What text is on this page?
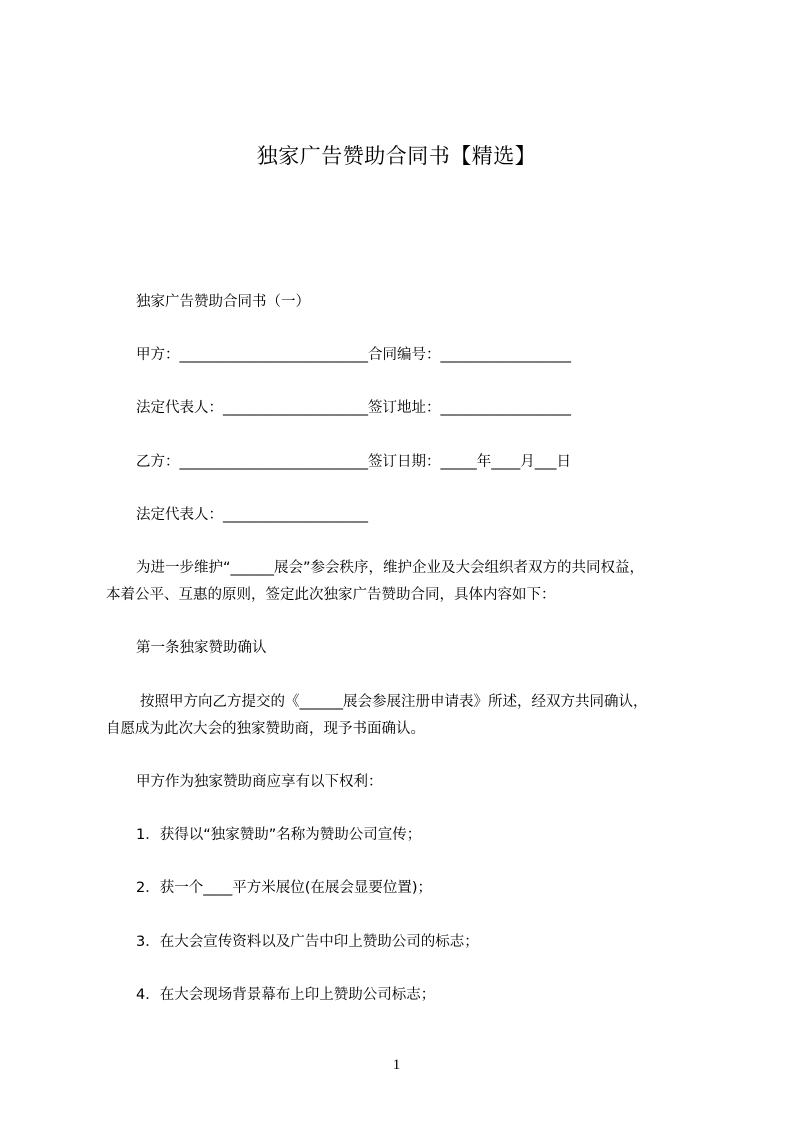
独家广告赞助合同书【精选】
独家广告赞助合同书（一）
甲方：__________________________合同编号：__________________
法定代表人：____________________签订地址：__________________
乙方：__________________________签订日期：_____年____月___日
法定代表人：____________________
为进一步维护“______展会”参会秩序，维护企业及大会组织者双方的共同权益，
本着公平、互惠的原则，签定此次独家广告赞助合同，具体内容如下：
第一条独家赞助确认
按照甲方向乙方提交的《______展会参展注册申请表》所述，经双方共同确认，
自愿成为此次大会的独家赞助商，现予书面确认。
甲方作为独家赞助商应享有以下权利：
1．获得以“独家赞助”名称为赞助公司宣传；
2．获一个____平方米展位(在展会显要位置)；
3．在大会宣传资料以及广告中印上赞助公司的标志；
4．在大会现场背景幕布上印上赞助公司标志；
1
